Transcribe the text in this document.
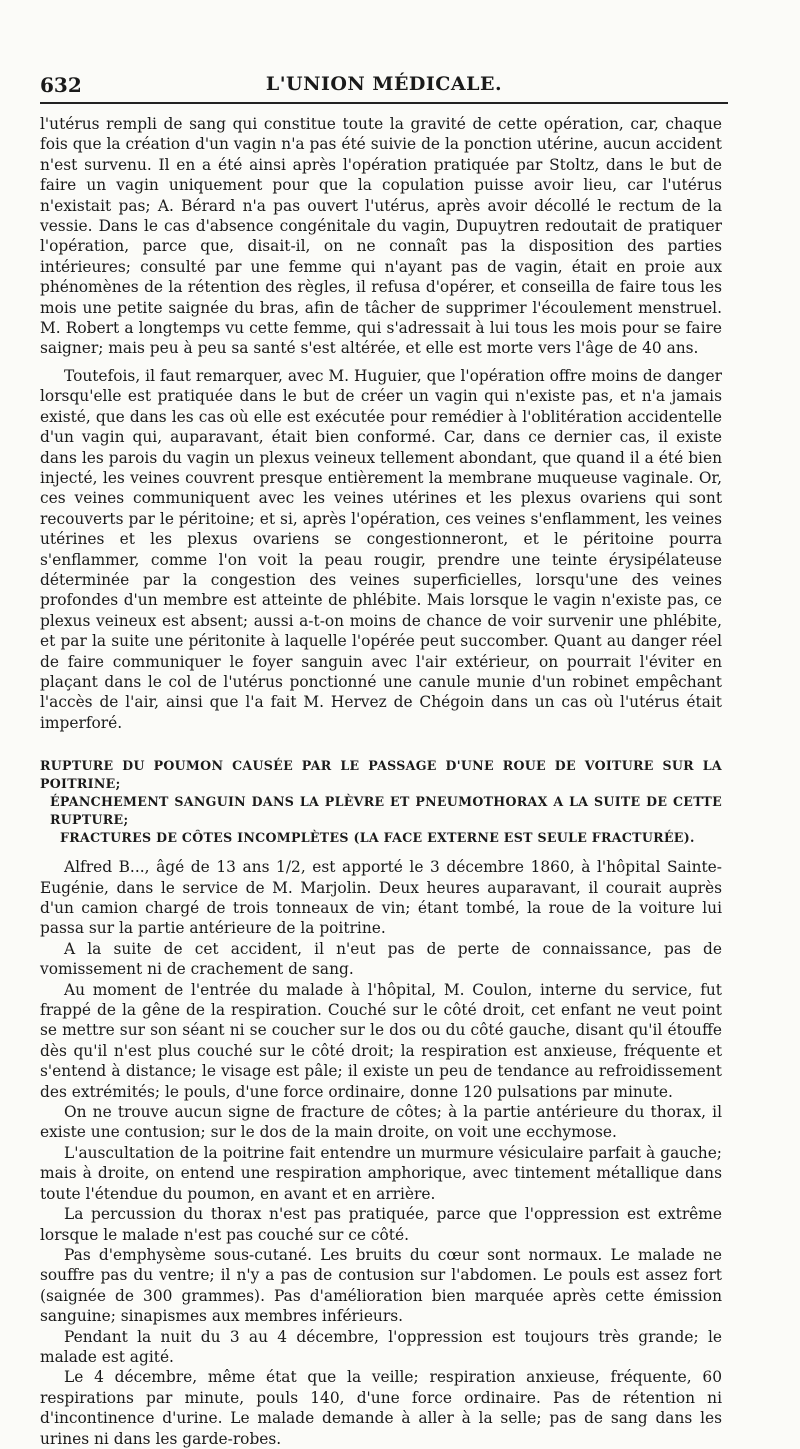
632	L'UNION MÉDICALE.

l'utérus rempli de sang qui constitue toute la gravité de cette opération, car, chaque fois que la création d'un vagin n'a pas été suivie de la ponction utérine, aucun accident n'est survenu. Il en a été ainsi après l'opération pratiquée par Stoltz, dans le but de faire un vagin uniquement pour que la copulation puisse avoir lieu, car l'utérus n'existait pas; A. Bérard n'a pas ouvert l'utérus, après avoir décollé le rectum de la vessie. Dans le cas d'absence congénitale du vagin, Dupuytren redoutait de pratiquer l'opération, parce que, disait-il, on ne connaît pas la disposition des parties intérieures; consulté par une femme qui n'ayant pas de vagin, était en proie aux phénomènes de la rétention des règles, il refusa d'opérer, et conseilla de faire tous les mois une petite saignée du bras, afin de tâcher de supprimer l'écoulement menstruel. M. Robert a longtemps vu cette femme, qui s'adressait à lui tous les mois pour se faire saigner; mais peu à peu sa santé s'est altérée, et elle est morte vers l'âge de 40 ans.

Toutefois, il faut remarquer, avec M. Huguier, que l'opération offre moins de danger lorsqu'elle est pratiquée dans le but de créer un vagin qui n'existe pas, et n'a jamais existé, que dans les cas où elle est exécutée pour remédier à l'oblitération accidentelle d'un vagin qui, auparavant, était bien conformé. Car, dans ce dernier cas, il existe dans les parois du vagin un plexus veineux tellement abondant, que quand il a été bien injecté, les veines couvrent presque entièrement la membrane muqueuse vaginale. Or, ces veines communiquent avec les veines utérines et les plexus ovariens qui sont recouverts par le péritoine; et si, après l'opération, ces veines s'enflamment, les veines utérines et les plexus ovariens se congestionneront, et le péritoine pourra s'enflammer, comme l'on voit la peau rougir, prendre une teinte érysipélateuse déterminée par la congestion des veines superficielles, lorsqu'une des veines profondes d'un membre est atteinte de phlébite. Mais lorsque le vagin n'existe pas, ce plexus veineux est absent; aussi a-t-on moins de chance de voir survenir une phlébite, et par la suite une péritonite à laquelle l'opérée peut succomber. Quant au danger réel de faire communiquer le foyer sanguin avec l'air extérieur, on pourrait l'éviter en plaçant dans le col de l'utérus ponctionné une canule munie d'un robinet empêchant l'accès de l'air, ainsi que l'a fait M. Hervez de Chégoin dans un cas où l'utérus était imperforé.

RUPTURE DU POUMON CAUSÉE PAR LE PASSAGE D'UNE ROUE DE VOITURE SUR LA POITRINE;
ÉPANCHEMENT SANGUIN DANS LA PLÈVRE ET PNEUMOTHORAX A LA SUITE DE CETTE RUPTURE;
FRACTURES DE CÔTES INCOMPLÈTES (LA FACE EXTERNE EST SEULE FRACTURÉE).

Alfred B..., âgé de 13 ans 1/2, est apporté le 3 décembre 1860, à l'hôpital Sainte-Eugénie, dans le service de M. Marjolin. Deux heures auparavant, il courait auprès d'un camion chargé de trois tonneaux de vin; étant tombé, la roue de la voiture lui passa sur la partie antérieure de la poitrine.

A la suite de cet accident, il n'eut pas de perte de connaissance, pas de vomissement ni de crachement de sang.

Au moment de l'entrée du malade à l'hôpital, M. Coulon, interne du service, fut frappé de la gêne de la respiration. Couché sur le côté droit, cet enfant ne veut point se mettre sur son séant ni se coucher sur le dos ou du côté gauche, disant qu'il étouffe dès qu'il n'est plus couché sur le côté droit; la respiration est anxieuse, fréquente et s'entend à distance; le visage est pâle; il existe un peu de tendance au refroidissement des extrémités; le pouls, d'une force ordinaire, donne 120 pulsations par minute.

On ne trouve aucun signe de fracture de côtes; à la partie antérieure du thorax, il existe une contusion; sur le dos de la main droite, on voit une ecchymose.

L'auscultation de la poitrine fait entendre un murmure vésiculaire parfait à gauche; mais à droite, on entend une respiration amphorique, avec tintement métallique dans toute l'étendue du poumon, en avant et en arrière.

La percussion du thorax n'est pas pratiquée, parce que l'oppression est extrême lorsque le malade n'est pas couché sur ce côté.

Pas d'emphysème sous-cutané. Les bruits du cœur sont normaux. Le malade ne souffre pas du ventre; il n'y a pas de contusion sur l'abdomen. Le pouls est assez fort (saignée de 300 grammes). Pas d'amélioration bien marquée après cette émission sanguine; sinapismes aux membres inférieurs.

Pendant la nuit du 3 au 4 décembre, l'oppression est toujours très grande; le malade est agité.

Le 4 décembre, même état que la veille; respiration anxieuse, fréquente, 60 respirations par minute, pouls 140, d'une force ordinaire. Pas de rétention ni d'incontinence d'urine. Le malade demande à aller à la selle; pas de sang dans les urines ni dans les garde-robes.
